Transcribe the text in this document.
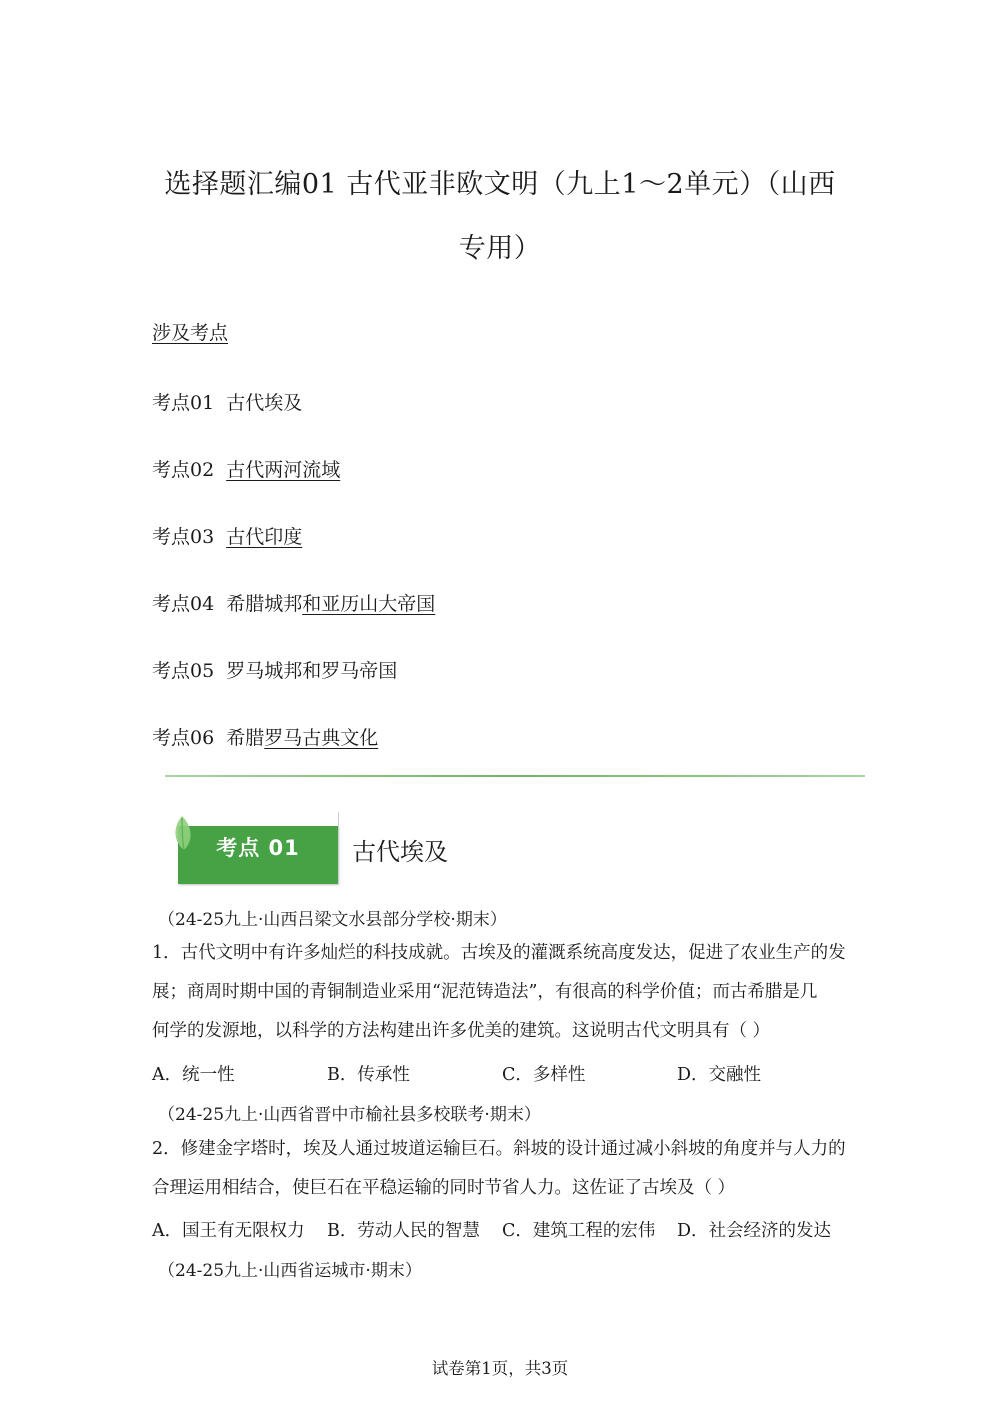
选择题汇编01 古代亚非欧文明（九上1～2单元）（山西
专用）
涉及考点
考点01 古代埃及
考点02 古代两河流域
考点03 古代印度
考点04 希腊城邦和亚历山大帝国
考点05 罗马城邦和罗马帝国
考点06 希腊罗马古典文化
考点 01	古代埃及
（24-25九上·山西吕梁文水县部分学校·期末）
1．古代文明中有许多灿烂的科技成就。古埃及的灌溉系统高度发达，促进了农业生产的发
展；商周时期中国的青铜制造业采用“泥范铸造法”，有很高的科学价值；而古希腊是几
何学的发源地，以科学的方法构建出许多优美的建筑。这说明古代文明具有（ ）
A．统一性	B．传承性	C．多样性	D．交融性
（24-25九上·山西省晋中市榆社县多校联考·期末）
2．修建金字塔时，埃及人通过坡道运输巨石。斜坡的设计通过减小斜坡的角度并与人力的
合理运用相结合，使巨石在平稳运输的同时节省人力。这佐证了古埃及（ ）
A．国王有无限权力	B．劳动人民的智慧	C．建筑工程的宏伟	D．社会经济的发达
（24-25九上·山西省运城市·期末）
试卷第1页，共3页
